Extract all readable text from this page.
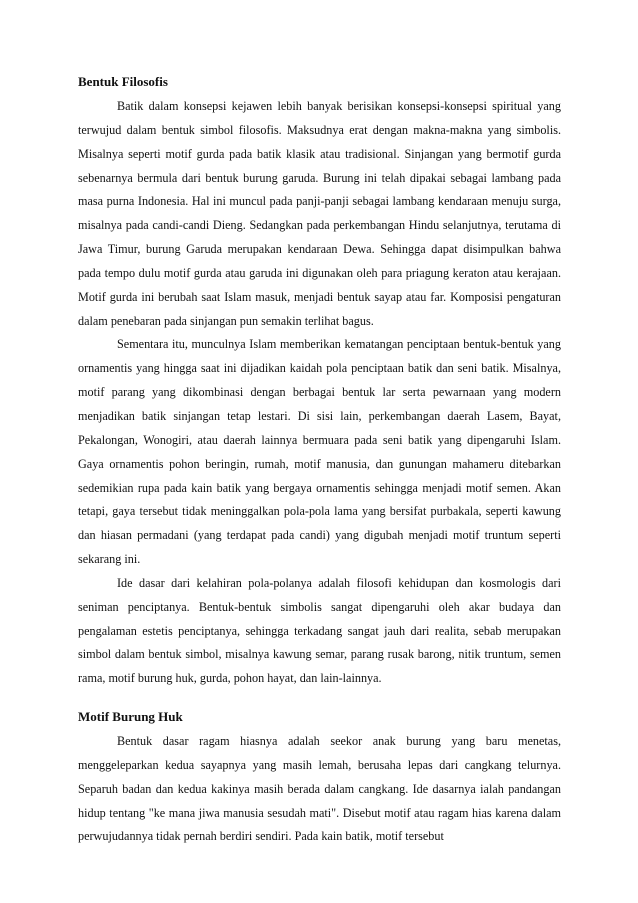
Bentuk Filosofis

Batik dalam konsepsi kejawen lebih banyak berisikan konsepsi-konsepsi spiritual yang terwujud dalam bentuk simbol filosofis. Maksudnya erat dengan makna-makna yang simbolis. Misalnya seperti motif gurda pada batik klasik atau tradisional. Sinjangan yang bermotif gurda sebenarnya bermula dari bentuk burung garuda. Burung ini telah dipakai sebagai lambang pada masa purna Indonesia. Hal ini muncul pada panji-panji sebagai lambang kendaraan menuju surga, misalnya pada candi-candi Dieng. Sedangkan pada perkembangan Hindu selanjutnya, terutama di Jawa Timur, burung Garuda merupakan kendaraan Dewa. Sehingga dapat disimpulkan bahwa pada tempo dulu motif gurda atau garuda ini digunakan oleh para priagung keraton atau kerajaan. Motif gurda ini berubah saat Islam masuk, menjadi bentuk sayap atau far. Komposisi pengaturan dalam penebaran pada sinjangan pun semakin terlihat bagus.

Sementara itu, munculnya Islam memberikan kematangan penciptaan bentuk-bentuk yang ornamentis yang hingga saat ini dijadikan kaidah pola penciptaan batik dan seni batik. Misalnya, motif parang yang dikombinasi dengan berbagai bentuk lar serta pewarnaan yang modern menjadikan batik sinjangan tetap lestari. Di sisi lain, perkembangan daerah Lasem, Bayat, Pekalongan, Wonogiri, atau daerah lainnya bermuara pada seni batik yang dipengaruhi Islam. Gaya ornamentis pohon beringin, rumah, motif manusia, dan gunungan mahameru ditebarkan sedemikian rupa pada kain batik yang bergaya ornamentis sehingga menjadi motif semen. Akan tetapi, gaya tersebut tidak meninggalkan pola-pola lama yang bersifat purbakala, seperti kawung dan hiasan permadani (yang terdapat pada candi) yang digubah menjadi motif truntum seperti sekarang ini.

Ide dasar dari kelahiran pola-polanya adalah filosofi kehidupan dan kosmologis dari seniman penciptanya. Bentuk-bentuk simbolis sangat dipengaruhi oleh akar budaya dan pengalaman estetis penciptanya, sehingga terkadang sangat jauh dari realita, sebab merupakan simbol dalam bentuk simbol, misalnya kawung semar, parang rusak barong, nitik truntum, semen rama, motif burung huk, gurda, pohon hayat, dan lain-lainnya.

Motif Burung Huk

Bentuk dasar ragam hiasnya adalah seekor anak burung yang baru menetas, menggeleparkan kedua sayapnya yang masih lemah, berusaha lepas dari cangkang telurnya. Separuh badan dan kedua kakinya masih berada dalam cangkang. Ide dasarnya ialah pandangan hidup tentang "ke mana jiwa manusia sesudah mati". Disebut motif atau ragam hias karena dalam perwujudannya tidak pernah berdiri sendiri. Pada kain batik, motif tersebut
